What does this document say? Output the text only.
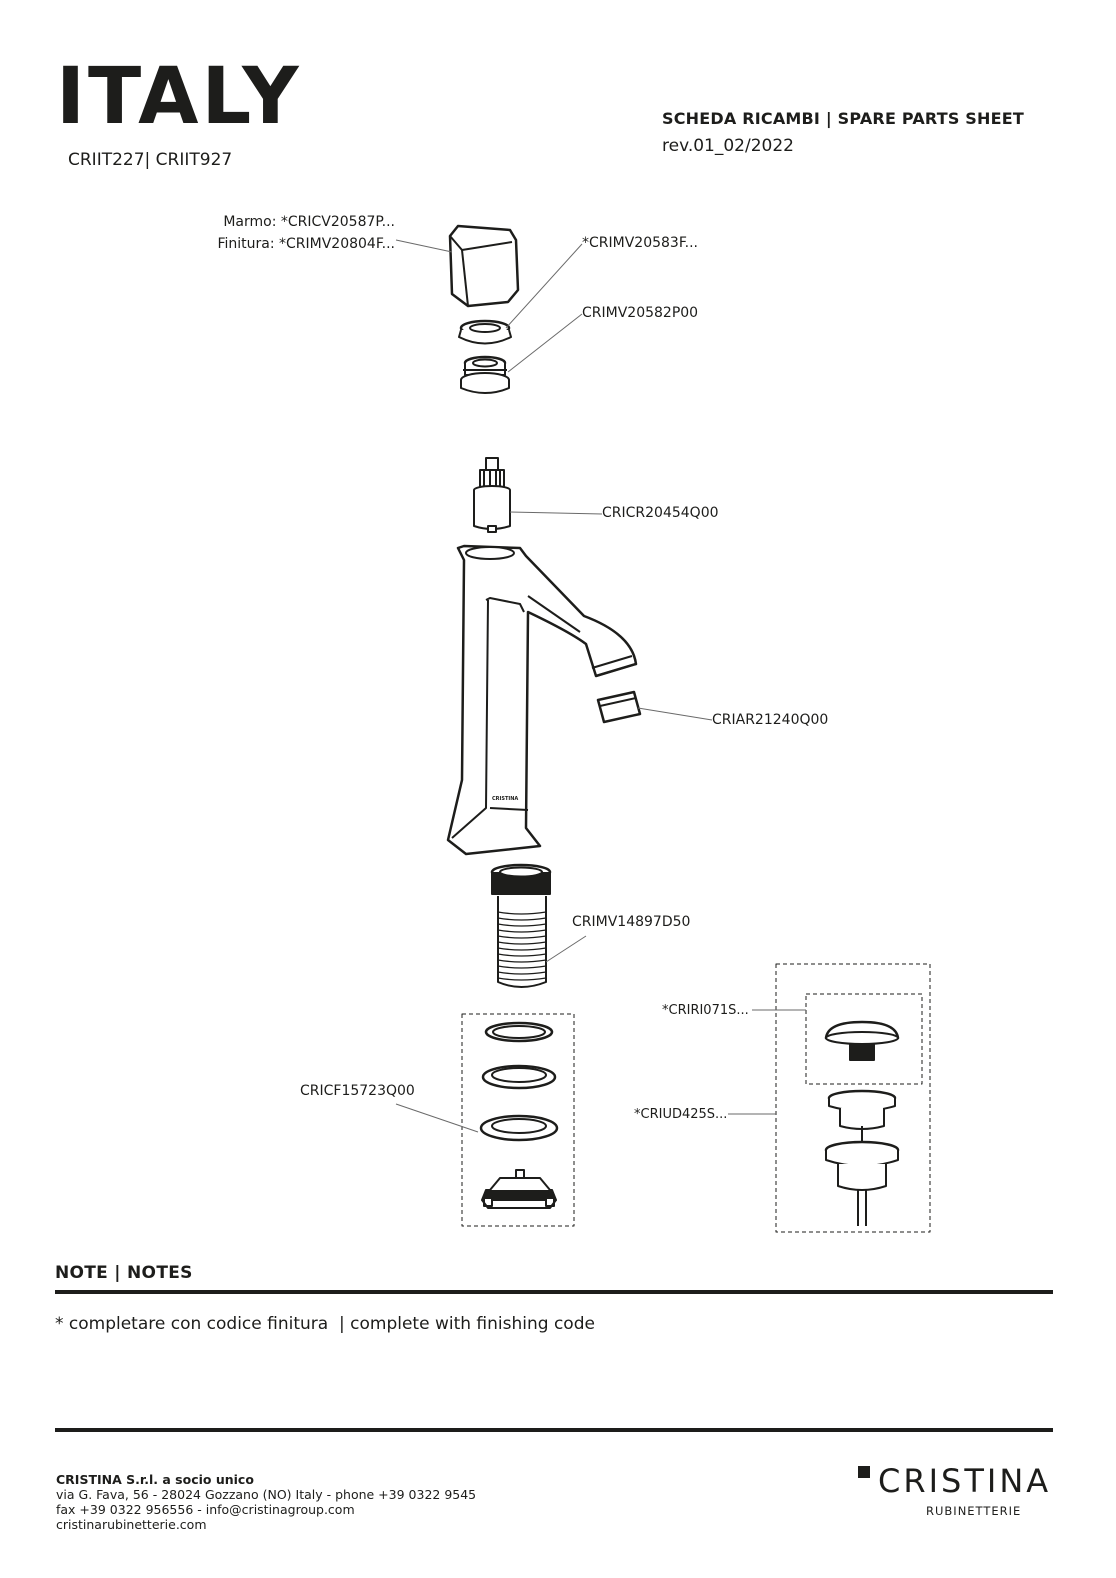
ITALY
CRIIT227| CRIIT927
SCHEDA RICAMBI | SPARE PARTS SHEET
rev.01_02/2022
CRISTINA
Marmo: *CRICV20587P...
Finitura: *CRIMV20804F...	*CRIMV20583F...
CRIMV20582P00
CRICR20454Q00
CRIAR21240Q00
CRIMV14897D50
CRICF15723Q00
*CRIRI071S...
*CRIUD425S...
NOTE | NOTES
* completare con codice finitura  | complete with finishing code
CRISTINA S.r.l. a socio unico
via G. Fava, 56 - 28024 Gozzano (NO) Italy - phone +39 0322 9545
fax +39 0322 956556 - info@cristinagroup.com
cristinarubinetterie.com
CRISTINA
RUBINETTERIE
